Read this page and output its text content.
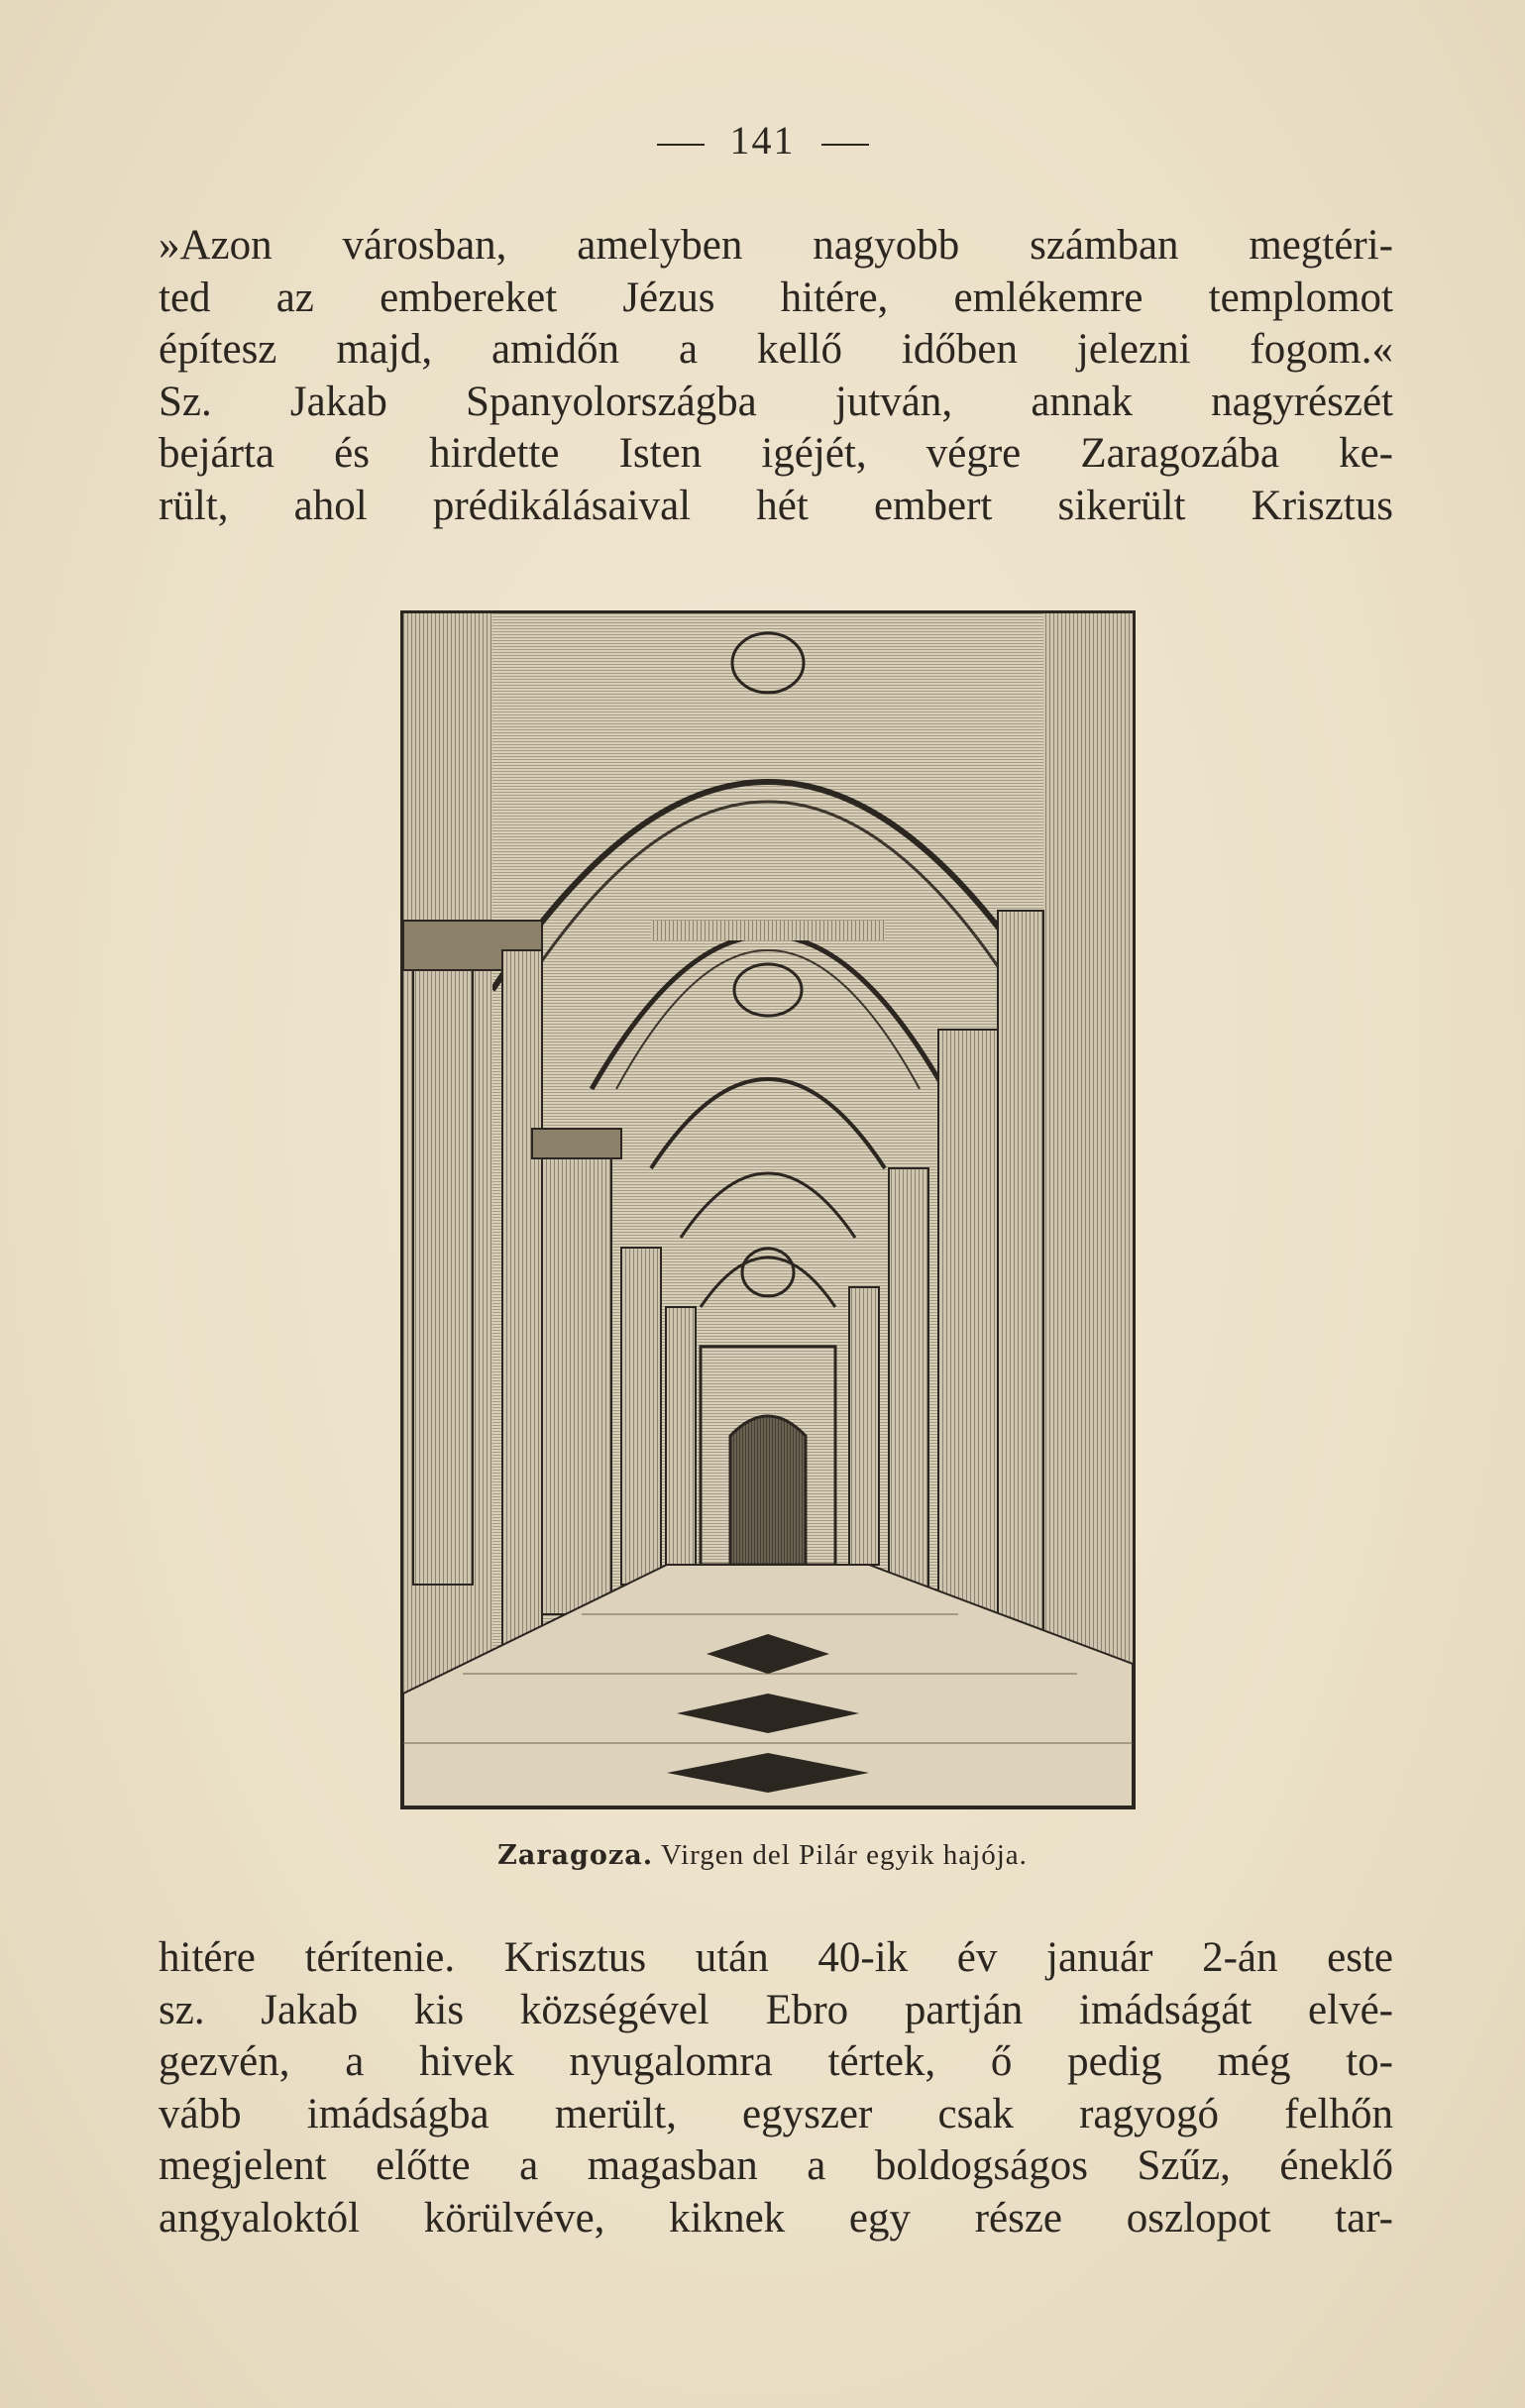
141
»Azon városban, amelyben nagyobb számban megtéri-
ted az embereket Jézus hitére, emlékemre templomot
építesz majd, amidőn a kellő időben jelezni fogom.«
Sz. Jakab Spanyolországba jutván, annak nagyrészét
bejárta és hirdette Isten igéjét, végre Zaragozába ke-
rült, ahol prédikálásaival hét embert sikerült Krisztus
Zaragoza. Virgen del Pilár egyik hajója.
hitére térítenie. Krisztus után 40-ik év január 2-án este
sz. Jakab kis községével Ebro partján imádságát elvé-
gezvén, a hivek nyugalomra tértek, ő pedig még to-
vább imádságba merült, egyszer csak ragyogó felhőn
megjelent előtte a magasban a boldogságos Szűz, éneklő
angyaloktól körülvéve, kiknek egy része oszlopot tar-
